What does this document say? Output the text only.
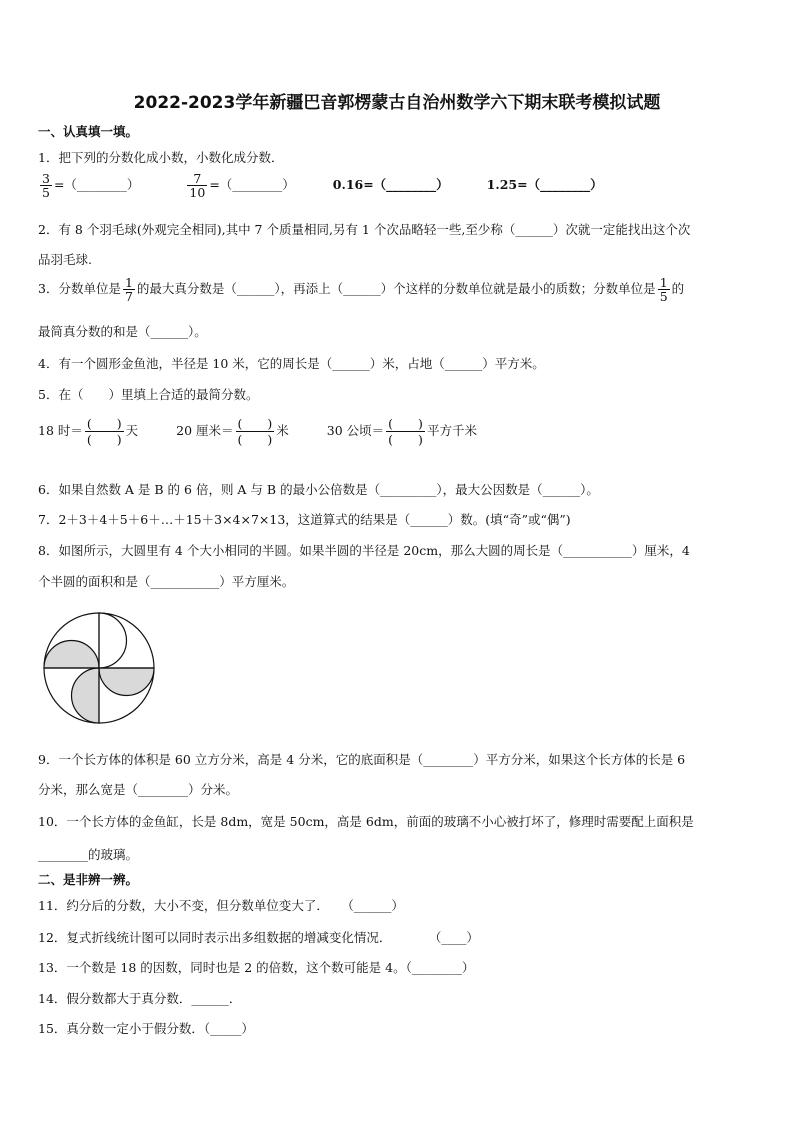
2022-2023学年新疆巴音郭楞蒙古自治州数学六下期末联考模拟试题
一、认真填一填。
1．把下列的分数化成小数，小数化成分数．
$\frac{3}{5}$ =（________）	$\frac{7}{10}$ =（________）	0.16=（________）	1.25=（________）
2．有 8 个羽毛球(外观完全相同),其中 7 个质量相同,另有 1 个次品略轻一些,至少称（______）次就一定能找出这个次
品羽毛球.
3．分数单位是 $\frac{1}{7}$ 的最大真分数是（______），再添上（______）个这样的分数单位就是最小的质数；分数单位是 $\frac{1}{5}$ 的
最简真分数的和是（______）。
4．有一个圆形金鱼池，半径是 10 米，它的周长是（______）米，占地（______）平方米。
5．在（　　）里填上合适的最简分数。
18 时＝ (　　)
(　　)
天	20 厘米＝ (　　)
(　　)
米	30 公顷＝ (　　)
(　　)
平方千米
6．如果自然数 A 是 B 的 6 倍，则 A 与 B 的最小公倍数是（_________），最大公因数是（______）。
7．2＋3＋4＋5＋6＋…＋15＋3×4×7×13，这道算式的结果是（______）数。(填“奇”或“偶”)
8．如图所示，大圆里有 4 个大小相同的半圆。如果半圆的半径是 20cm，那么大圆的周长是（___________）厘米，4
个半圆的面积和是（___________）平方厘米。
9．一个长方体的体积是 60 立方分米，高是 4 分米，它的底面积是（________）平方分米，如果这个长方体的长是 6
分米，那么宽是（________）分米。
10．一个长方体的金鱼缸，长是 8dm，宽是 50cm，高是 6dm，前面的玻璃不小心被打坏了，修理时需要配上面积是
________的玻璃。
二、是非辨一辨。
11．约分后的分数，大小不变，但分数单位变大了．　　（______）
12．复式折线统计图可以同时表示出多组数据的增减变化情况．　　　　（____）
13．一个数是 18 的因数，同时也是 2 的倍数，这个数可能是 4。（________）
14．假分数都大于真分数．______．
15．真分数一定小于假分数．（_____）
